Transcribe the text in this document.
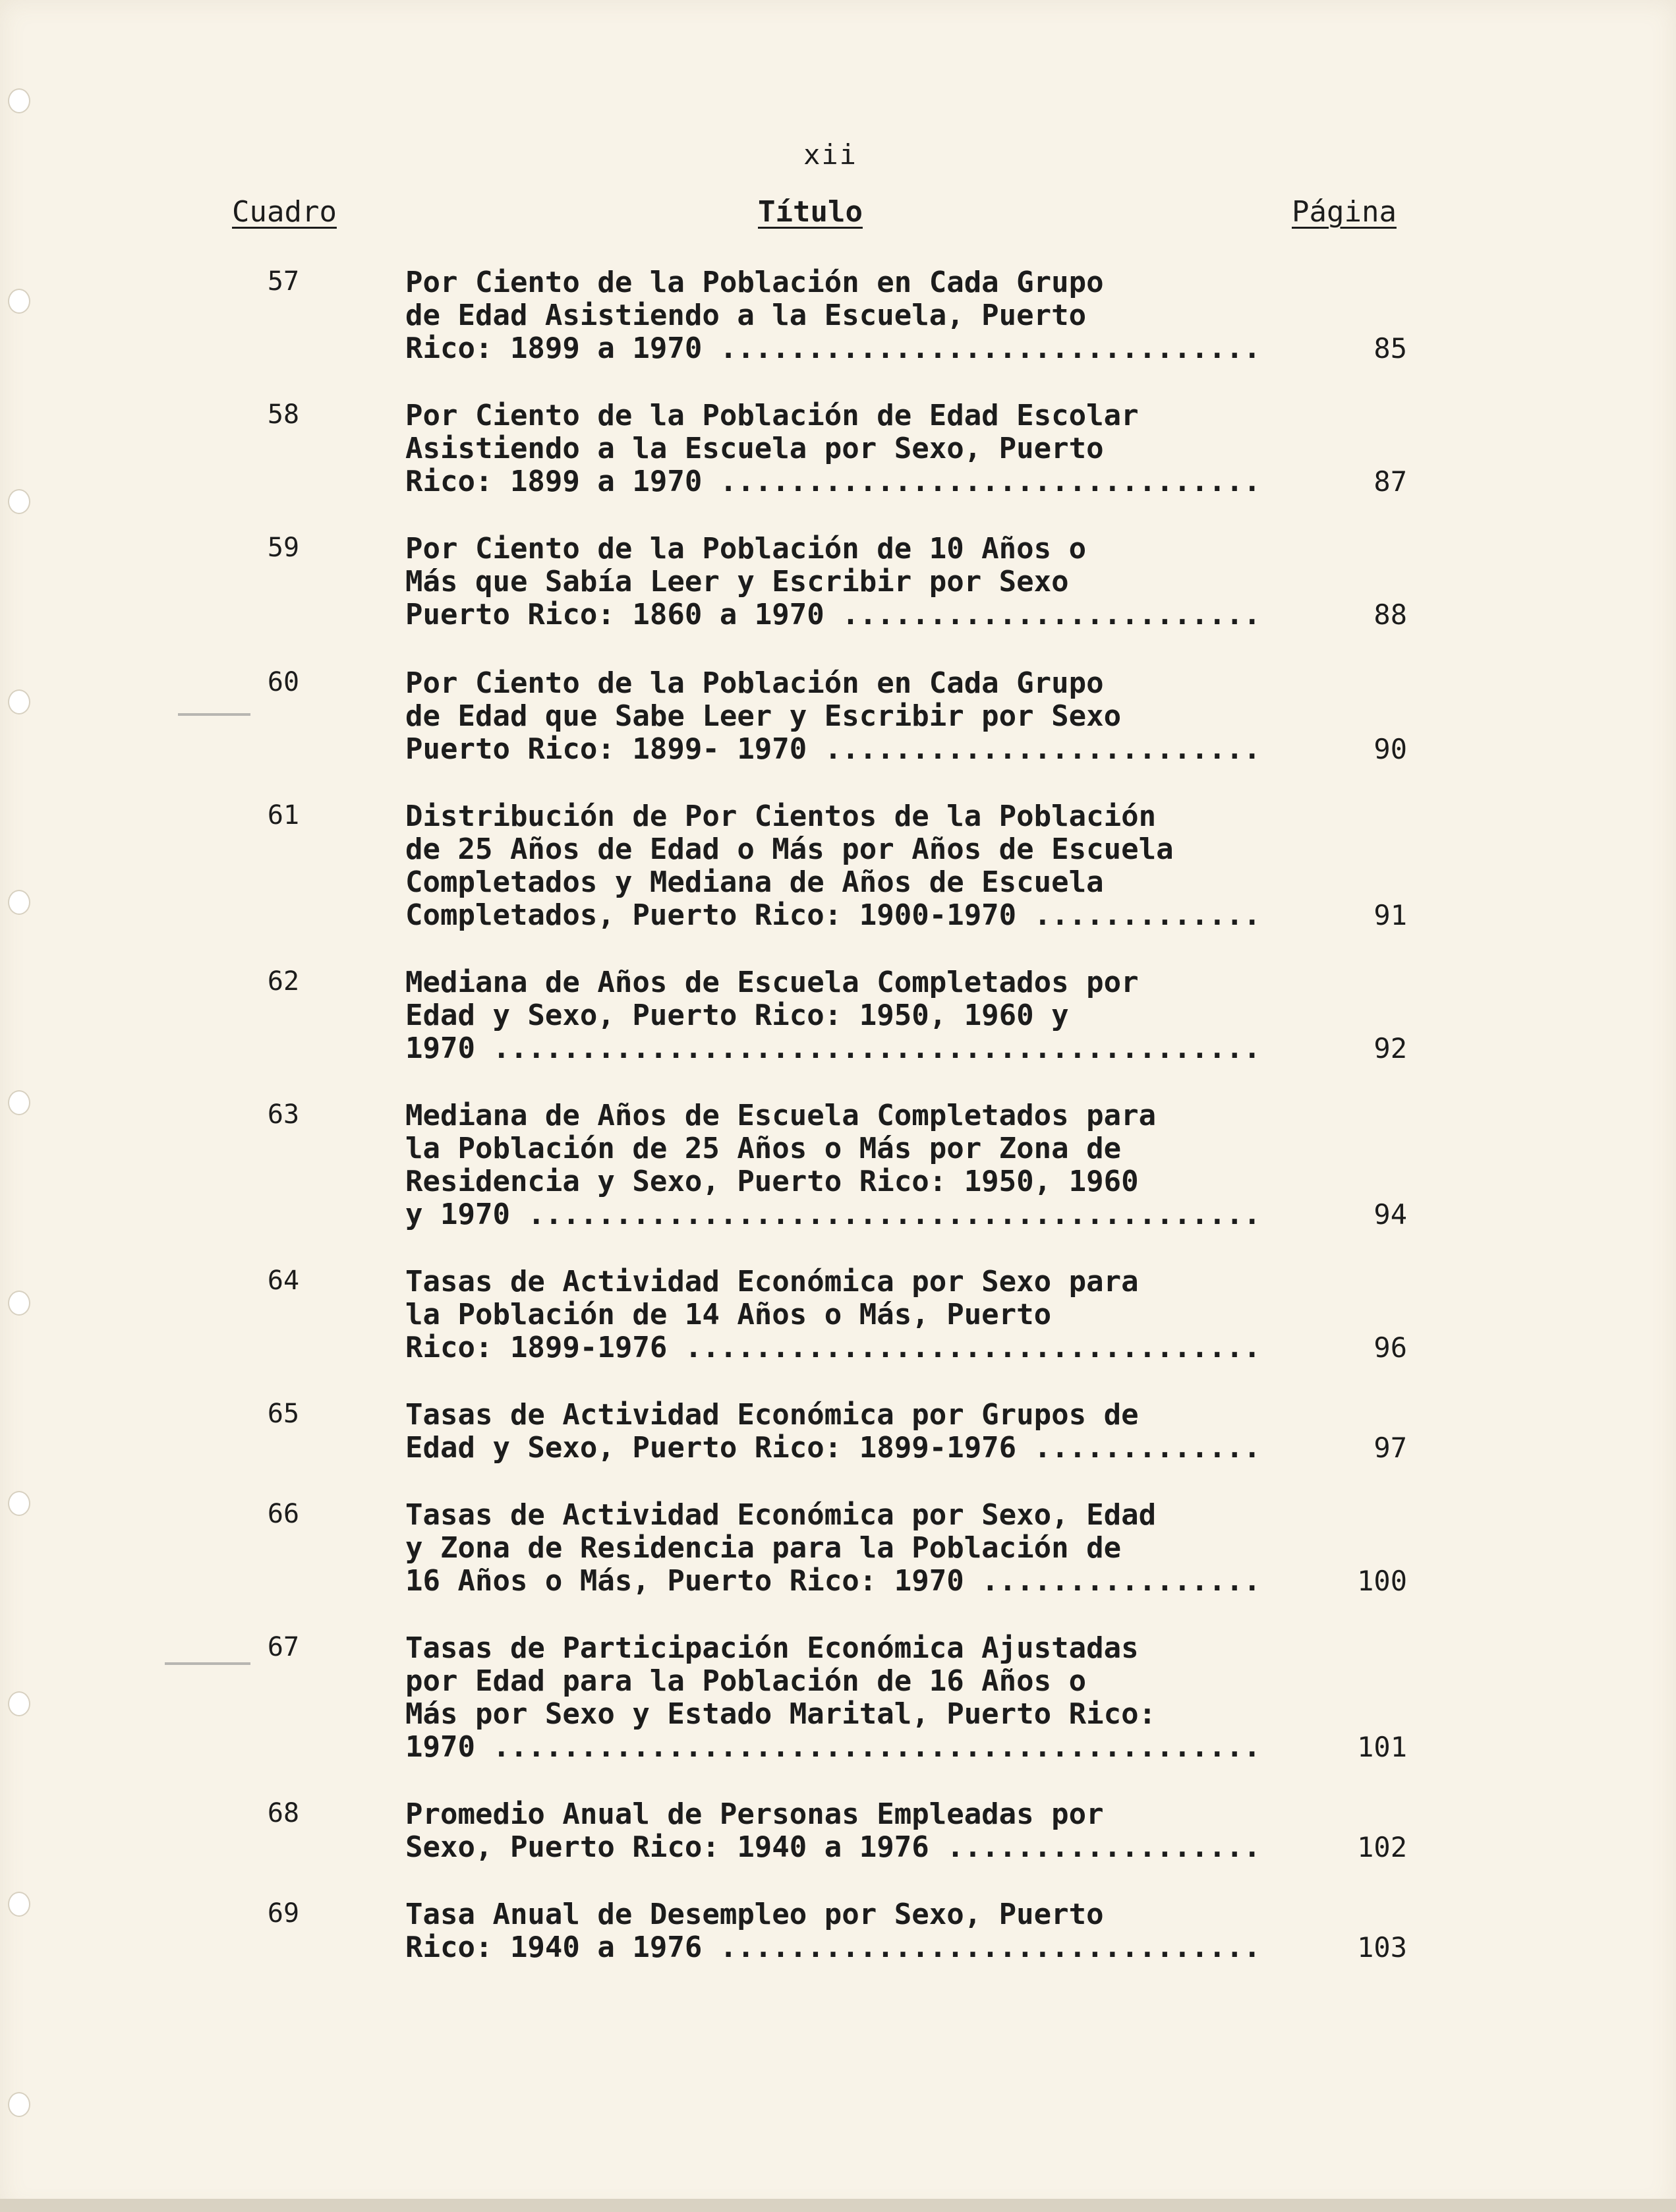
xii
Cuadro	Título	Página
57	Por Ciento de la Población en Cada Grupo
de Edad Asistiendo a la Escuela, Puerto
Rico: 1899 a 1970 .....	85
58	Por Ciento de la Población de Edad Escolar
Asistiendo a la Escuela por Sexo, Puerto
Rico: 1899 a 1970 .....	87
59	Por Ciento de la Población de 10 Años o
Más que Sabía Leer y Escribir por Sexo
Puerto Rico: 1860 a 1970 .....	88
60	Por Ciento de la Población en Cada Grupo
de Edad que Sabe Leer y Escribir por Sexo
Puerto Rico: 1899- 1970 .....	90
61	Distribución de Por Cientos de la Población
de 25 Años de Edad o Más por Años de Escuela
Completados y Mediana de Años de Escuela
Completados, Puerto Rico: 1900-1970 .....	91
62	Mediana de Años de Escuela Completados por
Edad y Sexo, Puerto Rico: 1950, 1960 y
1970 .....	92
63	Mediana de Años de Escuela Completados para
la Población de 25 Años o Más por Zona de
Residencia y Sexo, Puerto Rico: 1950, 1960
y 1970 .....	94
64	Tasas de Actividad Económica por Sexo para
la Población de 14 Años o Más, Puerto
Rico: 1899-1976 .....	96
65	Tasas de Actividad Económica por Grupos de
Edad y Sexo, Puerto Rico: 1899-1976 .....	97
66	Tasas de Actividad Económica por Sexo, Edad
y Zona de Residencia para la Población de
16 Años o Más, Puerto Rico: 1970 .....	100
67	Tasas de Participación Económica Ajustadas
por Edad para la Población de 16 Años o
Más por Sexo y Estado Marital, Puerto Rico:
1970 .....	101
68	Promedio Anual de Personas Empleadas por
Sexo, Puerto Rico: 1940 a 1976 .....	102
69	Tasa Anual de Desempleo por Sexo, Puerto
Rico: 1940 a 1976 .....	103
